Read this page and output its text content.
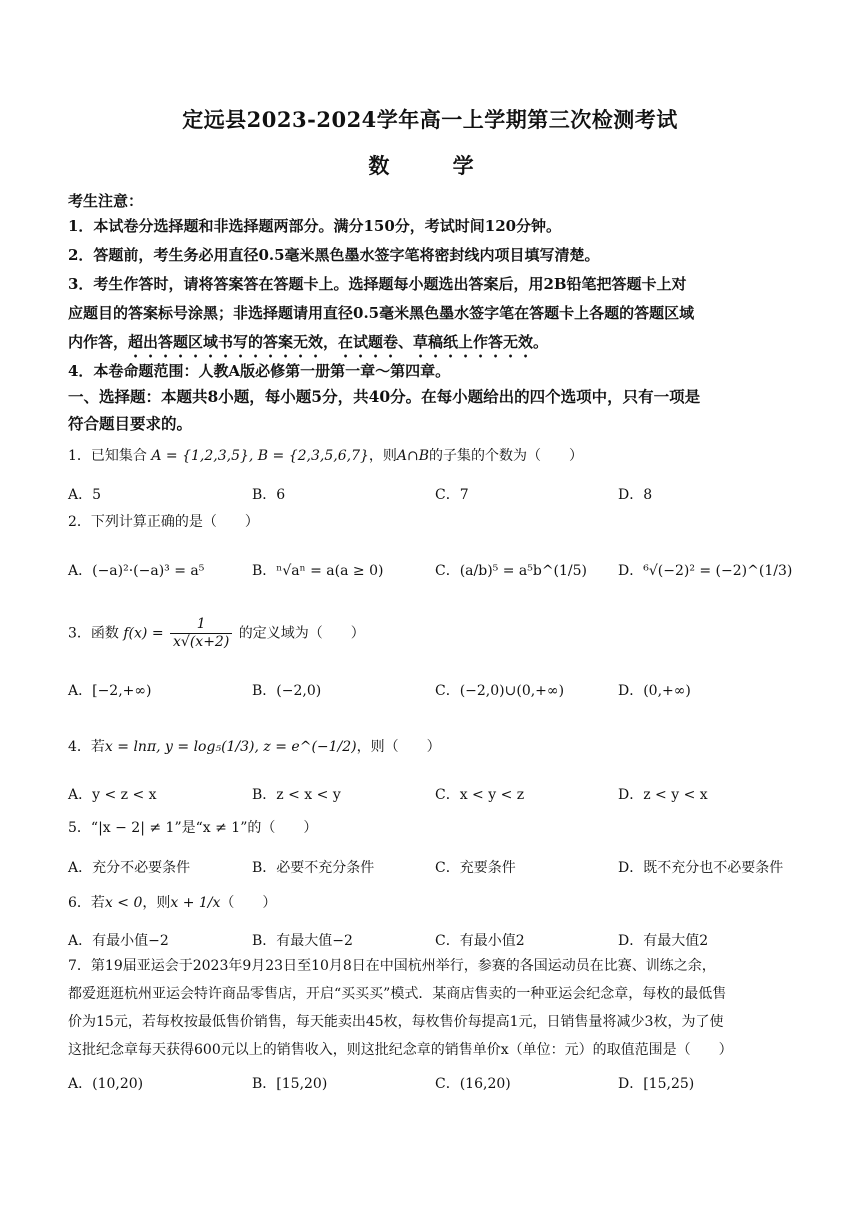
定远县2023-2024学年高一上学期第三次检测考试
数 学
考生注意：
1．本试卷分选择题和非选择题两部分。满分150分，考试时间120分钟。
2．答题前，考生务必用直径0.5毫米黑色墨水签字笔将密封线内项目填写清楚。
3．考生作答时，请将答案答在答题卡上。选择题每小题选出答案后，用2B铅笔把答题卡上对
应题目的答案标号涂黑；非选择题请用直径0.5毫米黑色墨水签字笔在答题卡上各题的答题区域
内作答，超出答题区域书写的答案无效，在试题卷、草稿纸上作答无效。
4．本卷命题范围：人教A版必修第一册第一章～第四章。
一、选择题：本题共8小题，每小题5分，共40分。在每小题给出的四个选项中，只有一项是
符合题目要求的。
1．已知集合 A = {1,2,3,5}, B = {2,3,5,6,7}，则A∩B的子集的个数为（　　）
A．5	B．6	C．7	D．8
2．下列计算正确的是（　　）
A．(−a)²·(−a)³ = a⁵	B．ⁿ√aⁿ = a(a ≥ 0)	C．(a/b)⁵ = a⁵b^(1/5) D．⁶√(−2)² = (−2)^(1/3)
3．函数 $f(x) = \frac{1}{x√(x+2)}$ 的定义域为（　　）
A．[−2,+∞)	B．(−2,0)	C．(−2,0)∪(0,+∞)	D．(0,+∞)
4．若x = lnπ, y = log₅(1/3), z = e^(−1/2)，则（　　）
A．y < z < x	B．z < x < y	C．x < y < z	D．z < y < x
5．“|x − 2| ≠ 1”是“x ≠ 1”的（　　）
A．充分不必要条件	B．必要不充分条件	C．充要条件	D．既不充分也不必要条件
6．若x < 0，则x + 1/x（　　）
A．有最小值−2	B．有最大值−2	C．有最小值2	D．有最大值2
7．第19届亚运会于2023年9月23日至10月8日在中国杭州举行，参赛的各国运动员在比赛、训练之余，
都爱逛逛杭州亚运会特许商品零售店，开启“买买买”模式．某商店售卖的一种亚运会纪念章，每枚的最低售
价为15元，若每枚按最低售价销售，每天能卖出45枚，每枚售价每提高1元，日销售量将减少3枚，为了使
这批纪念章每天获得600元以上的销售收入，则这批纪念章的销售单价x（单位：元）的取值范围是（　　）
A．(10,20)	B．[15,20)	C．(16,20)	D．[15,25)
